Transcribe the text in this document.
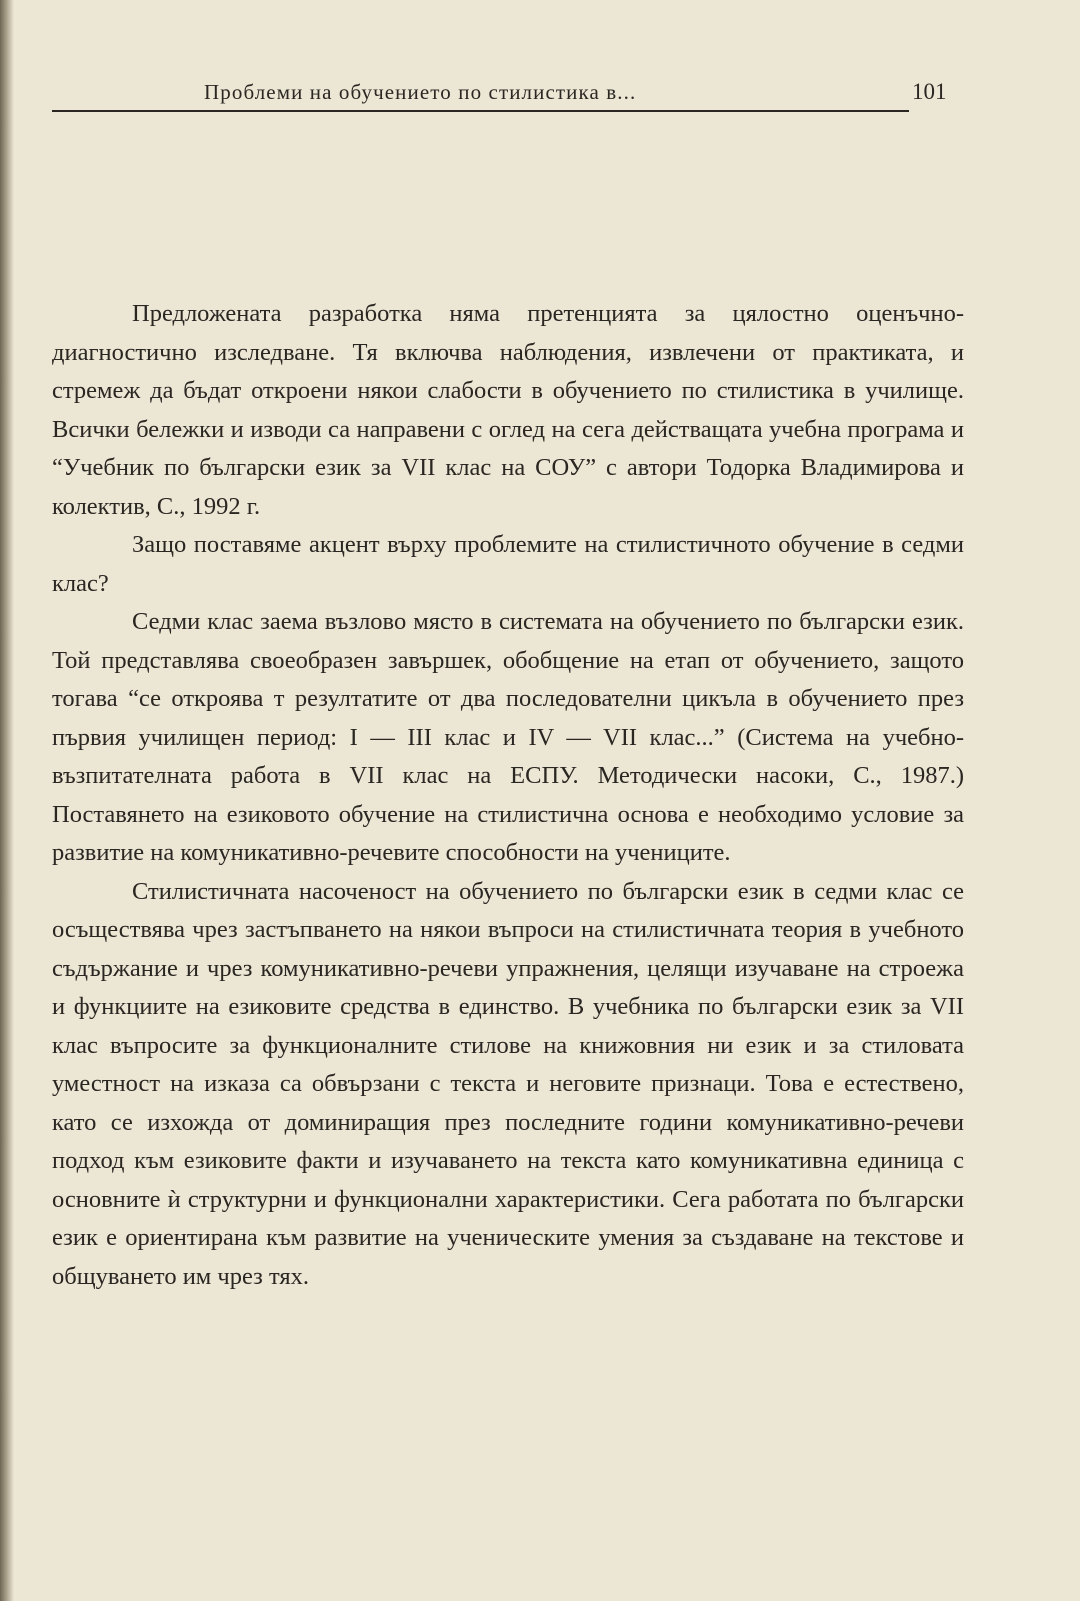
Проблеми на обучението по стилистика в...	101

Предложената разработка няма претенцията за цялостно оценъчно-диагностично изследване. Тя включва наблюдения, извлечени от практиката, и стремеж да бъдат откроени някои слабости в обучението по стилистика в училище. Всички бележки и изводи са направени с оглед на сега действащата учебна програма и “Учебник по български език за VII клас на СОУ” с автори Тодорка Владимирова и колектив, С., 1992 г.

Защо поставяме акцент върху проблемите на стилистичното обучение в седми клас?

Седми клас заема възлово място в системата на обучението по български език. Той представлява своеобразен завършек, обобщение на етап от обучението, защото тогава “се откроява т резултатите от два последователни цикъла в обучението през първия училищен период: I — III клас и IV — VII клас...” (Система на учебно-възпитателната работа в VII клас на ЕСПУ. Методически насоки, С., 1987.) Поставянето на езиковото обучение на стилистична основа е необходимо условие за развитие на комуникативно-речевите способности на учениците.

Стилистичната насоченост на обучението по български език в седми клас се осъществява чрез застъпването на някои въпроси на стилистичната теория в учебното съдържание и чрез комуникативно-речеви упражнения, целящи изучаване на строежа и функциите на езиковите средства в единство. В учебника по български език за VII клас въпросите за функционалните стилове на книжовния ни език и за стиловата уместност на изказа са обвързани с текста и неговите признаци. Това е естествено, като се изхожда от доминиращия през последните години комуникативно-речеви подход към езиковите факти и изучаването на текста като комуникативна единица с основните ѝ структурни и функционални характеристики. Сега работата по български език е ориентирана към развитие на ученическите умения за създаване на текстове и общуването им чрез тях.
